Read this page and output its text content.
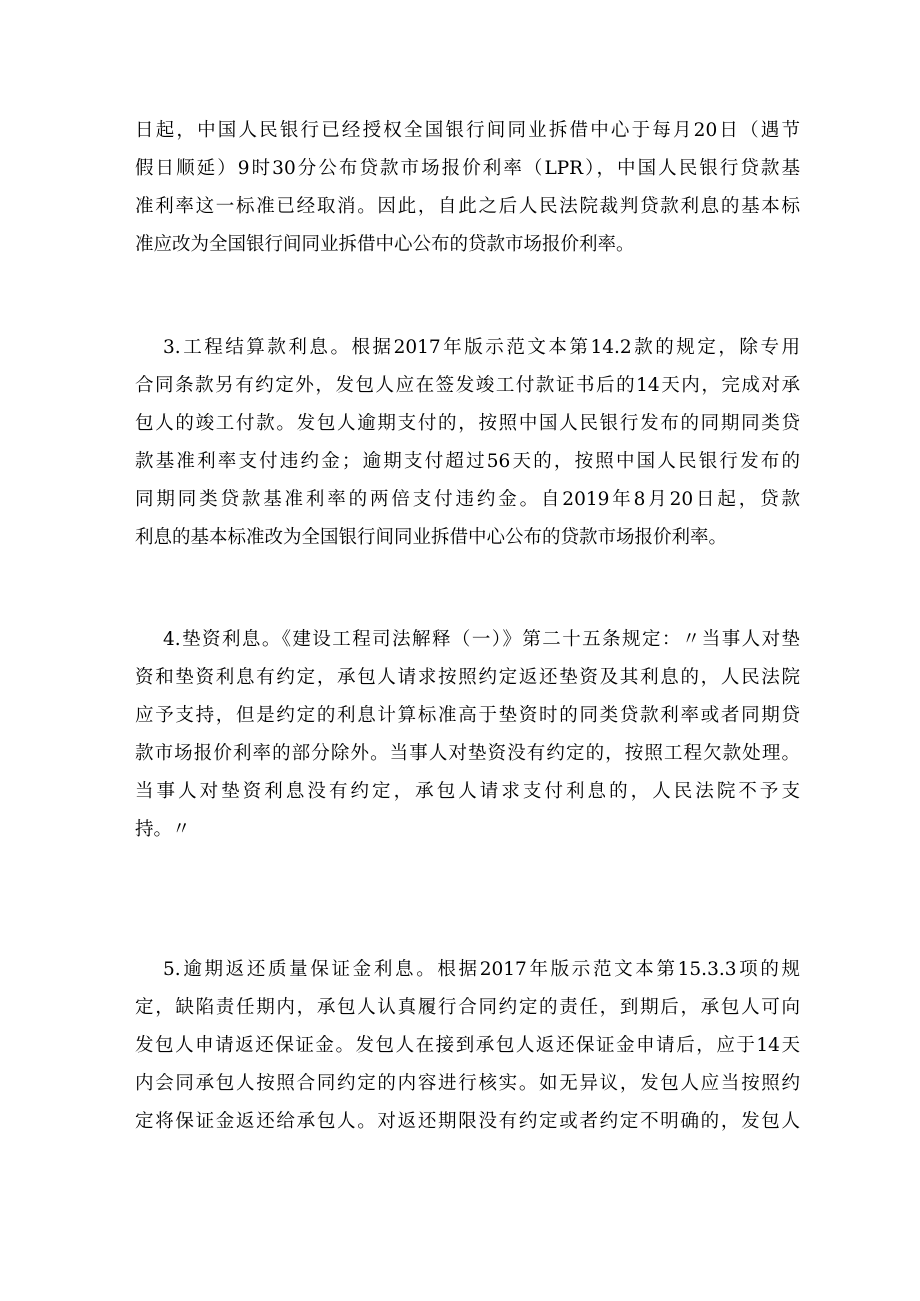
日起，中国人民银行已经授权全国银行间同业拆借中心于每月20日（遇节
假日顺延）9时30分公布贷款市场报价利率（LPR），中国人民银行贷款基
准利率这一标准已经取消。因此，自此之后人民法院裁判贷款利息的基本标
准应改为全国银行间同业拆借中心公布的贷款市场报价利率。
3.工程结算款利息。根据2017年版示范文本第14.2款的规定，除专用
合同条款另有约定外，发包人应在签发竣工付款证书后的14天内，完成对承
包人的竣工付款。发包人逾期支付的，按照中国人民银行发布的同期同类贷
款基准利率支付违约金；逾期支付超过56天的，按照中国人民银行发布的
同期同类贷款基准利率的两倍支付违约金。自2019年8月20日起，贷款
利息的基本标准改为全国银行间同业拆借中心公布的贷款市场报价利率。
4.垫资利息。《建设工程司法解释（一）》第二十五条规定：〃当事人对垫
资和垫资利息有约定，承包人请求按照约定返还垫资及其利息的，人民法院
应予支持，但是约定的利息计算标准高于垫资时的同类贷款利率或者同期贷
款市场报价利率的部分除外。当事人对垫资没有约定的，按照工程欠款处理。
当事人对垫资利息没有约定，承包人请求支付利息的，人民法院不予支
持。〃
5.逾期返还质量保证金利息。根据2017年版示范文本第15.3.3项的规
定，缺陷责任期内，承包人认真履行合同约定的责任，到期后，承包人可向
发包人申请返还保证金。发包人在接到承包人返还保证金申请后，应于14天
内会同承包人按照合同约定的内容进行核实。如无异议，发包人应当按照约
定将保证金返还给承包人。对返还期限没有约定或者约定不明确的，发包人
